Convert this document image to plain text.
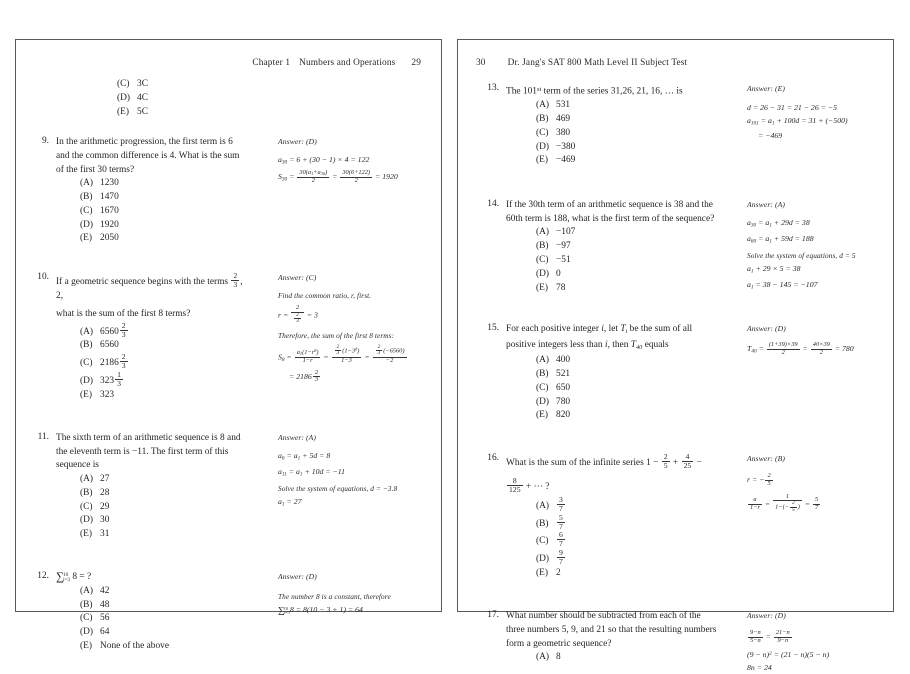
Chapter 1 Numbers and Operations 29
(C) 3C
(D) 4C
(E) 5C
9. In the arithmetic progression, the first term is 6 and the common difference is 4. What is the sum of the first 30 terms?
(A) 1230
(B) 1470
(C) 1670
(D) 1920
(E) 2050
Answer: (D)
$a_{30} = 6 + (30 - 1) \times 4 = 122$
$S_{30} = \frac{30(a_1+a_{30})}{2} = \frac{30(6+122)}{2} = 1920$
10. If a geometric sequence begins with the terms $\frac{2}{3}$ , 2,
what is the sum of the first 8 terms?
(A) $6560 \frac{2}{3}$
(B) 6560
(C) $2186 \frac{2}{3}$
(D) $323 \frac{1}{3}$
(E) 323
Answer: (C)
Find the common ratio, r, first.
$r = \frac{2}{\frac{2}{3}} = 3$
Therefore, the sum of the first 8 terms:
$S_8 = \frac{a_1(1-r^8)}{1-r} = \frac{\frac{2}{3} (1-3^8)}{1-3} = \frac{\frac{2}{3} (-6560)}{-2}$
= $2186 \frac{2}{3}$
11. The sixth term of an arithmetic sequence is 8 and the eleventh term is −11. The first term of this sequence is
(A) 27
(B) 28
(C) 29
(D) 30
(E) 31
Answer: (A)
$a_6 = a_1 + 5d = 8$
$a_{11} = a_1 + 10d = -11$
Solve the system of equations, d = −3.8
$a_1 = 27$
12. ∑ 10
i=3 8 = ?
(A) 42
(B) 48
(C) 56
(D) 64
(E) None of the above
Answer: (D)
The number 8 is a constant, therefore
∑ 10
i=3 8 = 8(10 − 3 + 1) = 64
30 Dr. Jang's SAT 800 Math Level II Subject Test
13. The 101st term of the series 31,26, 21, 16, … is
(A) 531
(B) 469
(C) 380
(D) −380
(E) −469
Answer: (E)
d = 26 − 31 = 21 − 26 = −5
$a_{101} = a_1 + 100d = 31 + (-500)$
= −469
14. If the 30th term of an arithmetic sequence is 38 and the 60th term is 188, what is the first term of the sequence?
(A) −107
(B) −97
(C) −51
(D) 0
(E) 78
Answer: (A)
$a_{30} = a_1 + 29d = 38$
$a_{60} = a_1 + 59d = 188$
Solve the system of equations, d = 5
$a_1 + 29 \times 5 = 38$
$a_1 = 38 - 145 = -107$
15. For each positive integer i, let $T_i$ be the sum of all positive integers less than i, then $T_{40}$ equals
(A) 400
(B) 521
(C) 650
(D) 780
(E) 820
Answer: (D)
$T_{40} = \frac{(1+39)\times 39}{2} = \frac{40\times 39}{2} = 780$
16. What is the sum of the infinite series $1 - \frac{2}{5} + \frac{4}{25}$ −
$\frac{8}{125}$ + ⋯ ?
$(A) \frac{3}{7}$
$(B) \frac{5}{7}$
$(C) \frac{6}{7}$
$(D) \frac{9}{7}$
(E) 2
Answer: (B)
r = − $\frac{2}{5}$
$\frac{a}{1-r} = \frac{1}{1-(- \frac{2}{5} )} = \frac{5}{7}$
17. What number should be subtracted from each of the three numbers 5, 9, and 21 so that the resulting numbers form a geometric sequence?
(A) 8
Answer: (D)
$\frac{9-n}{5-n} = \frac{21-n}{9-n}$
$(9 - n)^2 = (21 - n)(5 - n)$
8n = 24
